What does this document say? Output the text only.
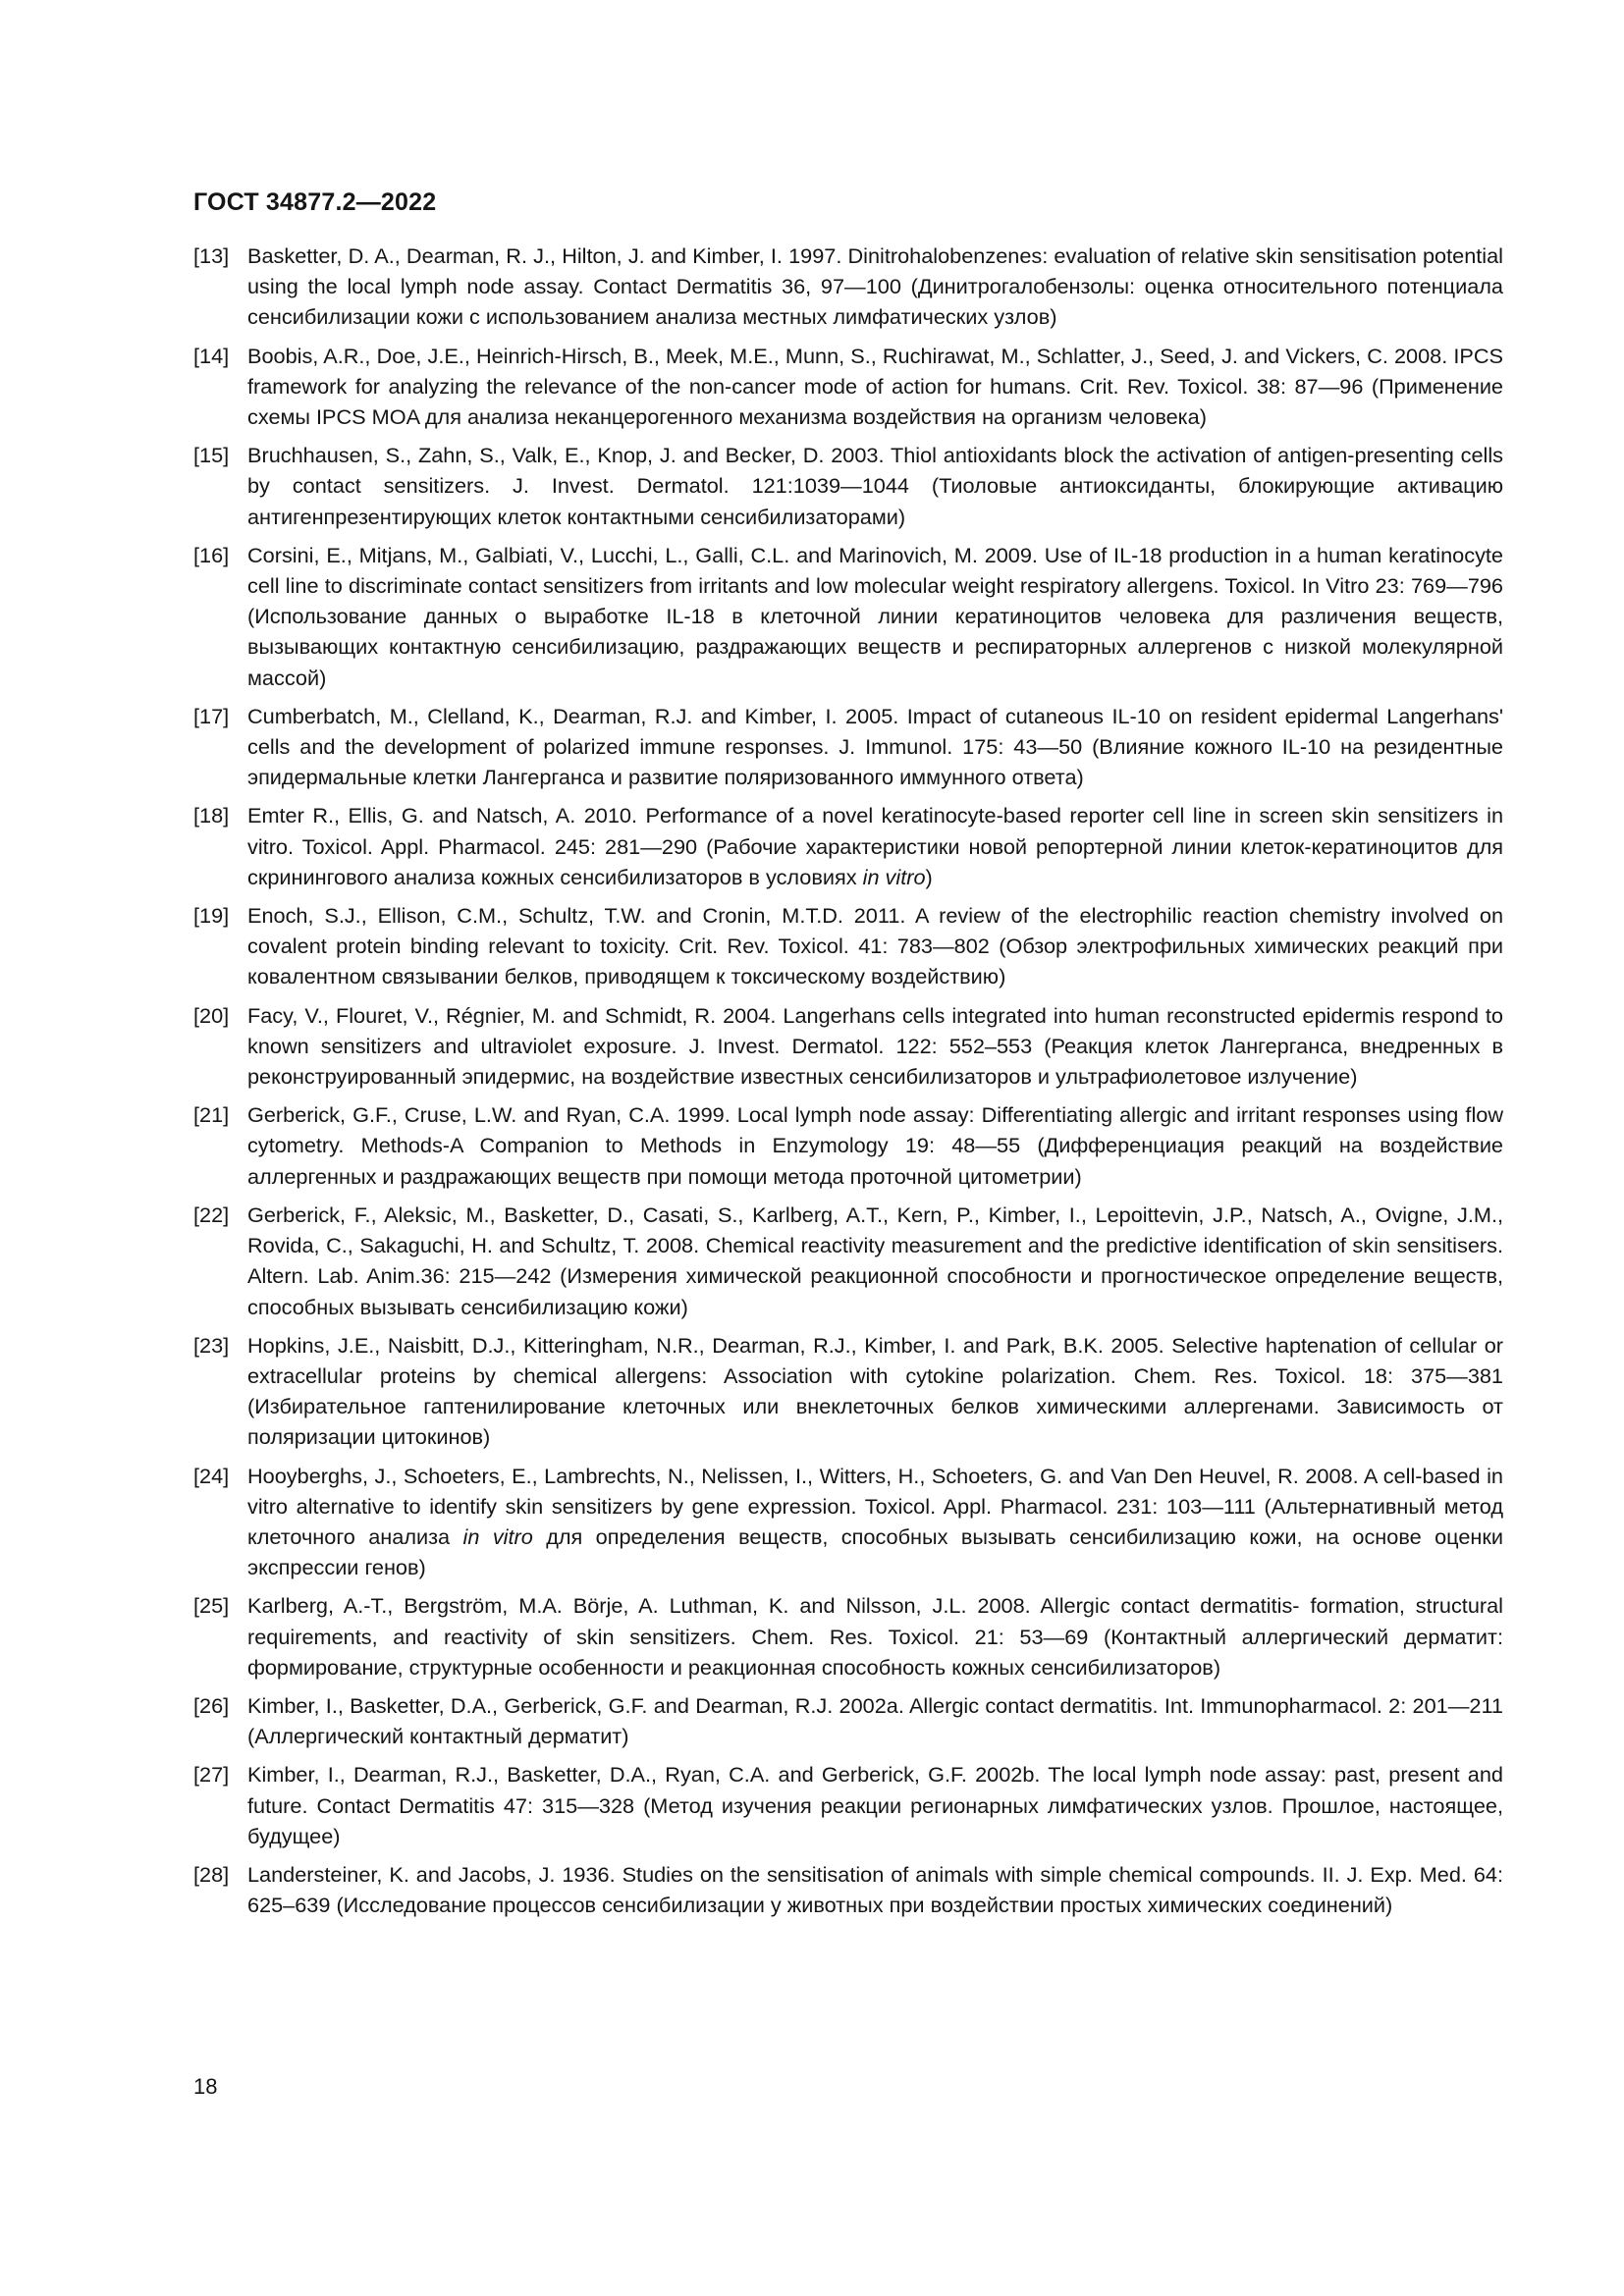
ГОСТ 34877.2—2022

[13] Basketter, D. A., Dearman, R. J., Hilton, J. and Kimber, I. 1997. Dinitrohalobenzenes: evaluation of relative skin sensitisation potential using the local lymph node assay. Contact Dermatitis 36, 97—100 (Динитрогалобензолы: оценка относительного потенциала сенсибилизации кожи с использованием анализа местных лимфатических узлов)

[14] Boobis, A.R., Doe, J.E., Heinrich-Hirsch, B., Meek, M.E., Munn, S., Ruchirawat, M., Schlatter, J., Seed, J. and Vickers, C. 2008. IPCS framework for analyzing the relevance of the non-cancer mode of action for humans. Crit. Rev. Toxicol. 38: 87—96 (Применение схемы IPCS MOA для анализа неканцерогенного механизма воздействия на организм человека)

[15] Bruchhausen, S., Zahn, S., Valk, E., Knop, J. and Becker, D. 2003. Thiol antioxidants block the activation of antigen-presenting cells by contact sensitizers. J. Invest. Dermatol. 121:1039—1044 (Тиоловые антиоксиданты, блокирующие активацию антигенпрезентирующих клеток контактными сенсибилизаторами)

[16] Corsini, E., Mitjans, M., Galbiati, V., Lucchi, L., Galli, C.L. and Marinovich, M. 2009. Use of IL-18 production in a human keratinocyte cell line to discriminate contact sensitizers from irritants and low molecular weight respiratory allergens. Toxicol. In Vitro 23: 769—796 (Использование данных о выработке IL-18 в клеточной линии кератиноцитов человека для различения веществ, вызывающих контактную сенсибилизацию, раздражающих веществ и респираторных аллергенов с низкой молекулярной массой)

[17] Cumberbatch, M., Clelland, K., Dearman, R.J. and Kimber, I. 2005. Impact of cutaneous IL-10 on resident epidermal Langerhans' cells and the development of polarized immune responses. J. Immunol. 175: 43—50 (Влияние кожного IL-10 на резидентные эпидермальные клетки Лангерганса и развитие поляризованного иммунного ответа)

[18] Emter R., Ellis, G. and Natsch, A. 2010. Performance of a novel keratinocyte-based reporter cell line in screen skin sensitizers in vitro. Toxicol. Appl. Pharmacol. 245: 281—290 (Рабочие характеристики новой репортерной линии клеток-кератиноцитов для скринингового анализа кожных сенсибилизаторов в условиях in vitro)

[19] Enoch, S.J., Ellison, C.M., Schultz, T.W. and Cronin, M.T.D. 2011. A review of the electrophilic reaction chemistry involved on covalent protein binding relevant to toxicity. Crit. Rev. Toxicol. 41: 783—802 (Обзор электрофильных химических реакций при ковалентном связывании белков, приводящем к токсическому воздействию)

[20] Facy, V., Flouret, V., Régnier, M. and Schmidt, R. 2004. Langerhans cells integrated into human reconstructed epidermis respond to known sensitizers and ultraviolet exposure. J. Invest. Dermatol. 122: 552–553 (Реакция клеток Лангерганса, внедренных в реконструированный эпидермис, на воздействие известных сенсибилизаторов и ультрафиолетовое излучение)

[21] Gerberick, G.F., Cruse, L.W. and Ryan, C.A. 1999. Local lymph node assay: Differentiating allergic and irritant responses using flow cytometry. Methods-A Companion to Methods in Enzymology 19: 48—55 (Дифференциация реакций на воздействие аллергенных и раздражающих веществ при помощи метода проточной цитометрии)

[22] Gerberick, F., Aleksic, M., Basketter, D., Casati, S., Karlberg, A.T., Kern, P., Kimber, I., Lepoittevin, J.P., Natsch, A., Ovigne, J.M., Rovida, C., Sakaguchi, H. and Schultz, T. 2008. Chemical reactivity measurement and the predictive identification of skin sensitisers. Altern. Lab. Anim.36: 215—242 (Измерения химической реакционной способности и прогностическое определение веществ, способных вызывать сенсибилизацию кожи)

[23] Hopkins, J.E., Naisbitt, D.J., Kitteringham, N.R., Dearman, R.J., Kimber, I. and Park, B.K. 2005. Selective haptenation of cellular or extracellular proteins by chemical allergens: Association with cytokine polarization. Chem. Res. Toxicol. 18: 375—381 (Избирательное гаптенилирование клеточных или внеклеточных белков химическими аллергенами. Зависимость от поляризации цитокинов)

[24] Hooyberghs, J., Schoeters, E., Lambrechts, N., Nelissen, I., Witters, H., Schoeters, G. and Van Den Heuvel, R. 2008. A cell-based in vitro alternative to identify skin sensitizers by gene expression. Toxicol. Appl. Pharmacol. 231: 103—111 (Альтернативный метод клеточного анализа in vitro для определения веществ, способных вызывать сенсибилизацию кожи, на основе оценки экспрессии генов)

[25] Karlberg, A.-T., Bergström, M.A. Börje, A. Luthman, K. and Nilsson, J.L. 2008. Allergic contact dermatitis- formation, structural requirements, and reactivity of skin sensitizers. Chem. Res. Toxicol. 21: 53—69 (Контактный аллергический дерматит: формирование, структурные особенности и реакционная способность кожных сенсибилизаторов)

[26] Kimber, I., Basketter, D.A., Gerberick, G.F. and Dearman, R.J. 2002a. Allergic contact dermatitis. Int. Immunopharmacol. 2: 201—211 (Аллергический контактный дерматит)

[27] Kimber, I., Dearman, R.J., Basketter, D.A., Ryan, C.A. and Gerberick, G.F. 2002b. The local lymph node assay: past, present and future. Contact Dermatitis 47: 315—328 (Метод изучения реакции регионарных лимфатических узлов. Прошлое, настоящее, будущее)

[28] Landersteiner, K. and Jacobs, J. 1936. Studies on the sensitisation of animals with simple chemical compounds. II. J. Exp. Med. 64: 625–639 (Исследование процессов сенсибилизации у животных при воздействии простых химических соединений)

18
